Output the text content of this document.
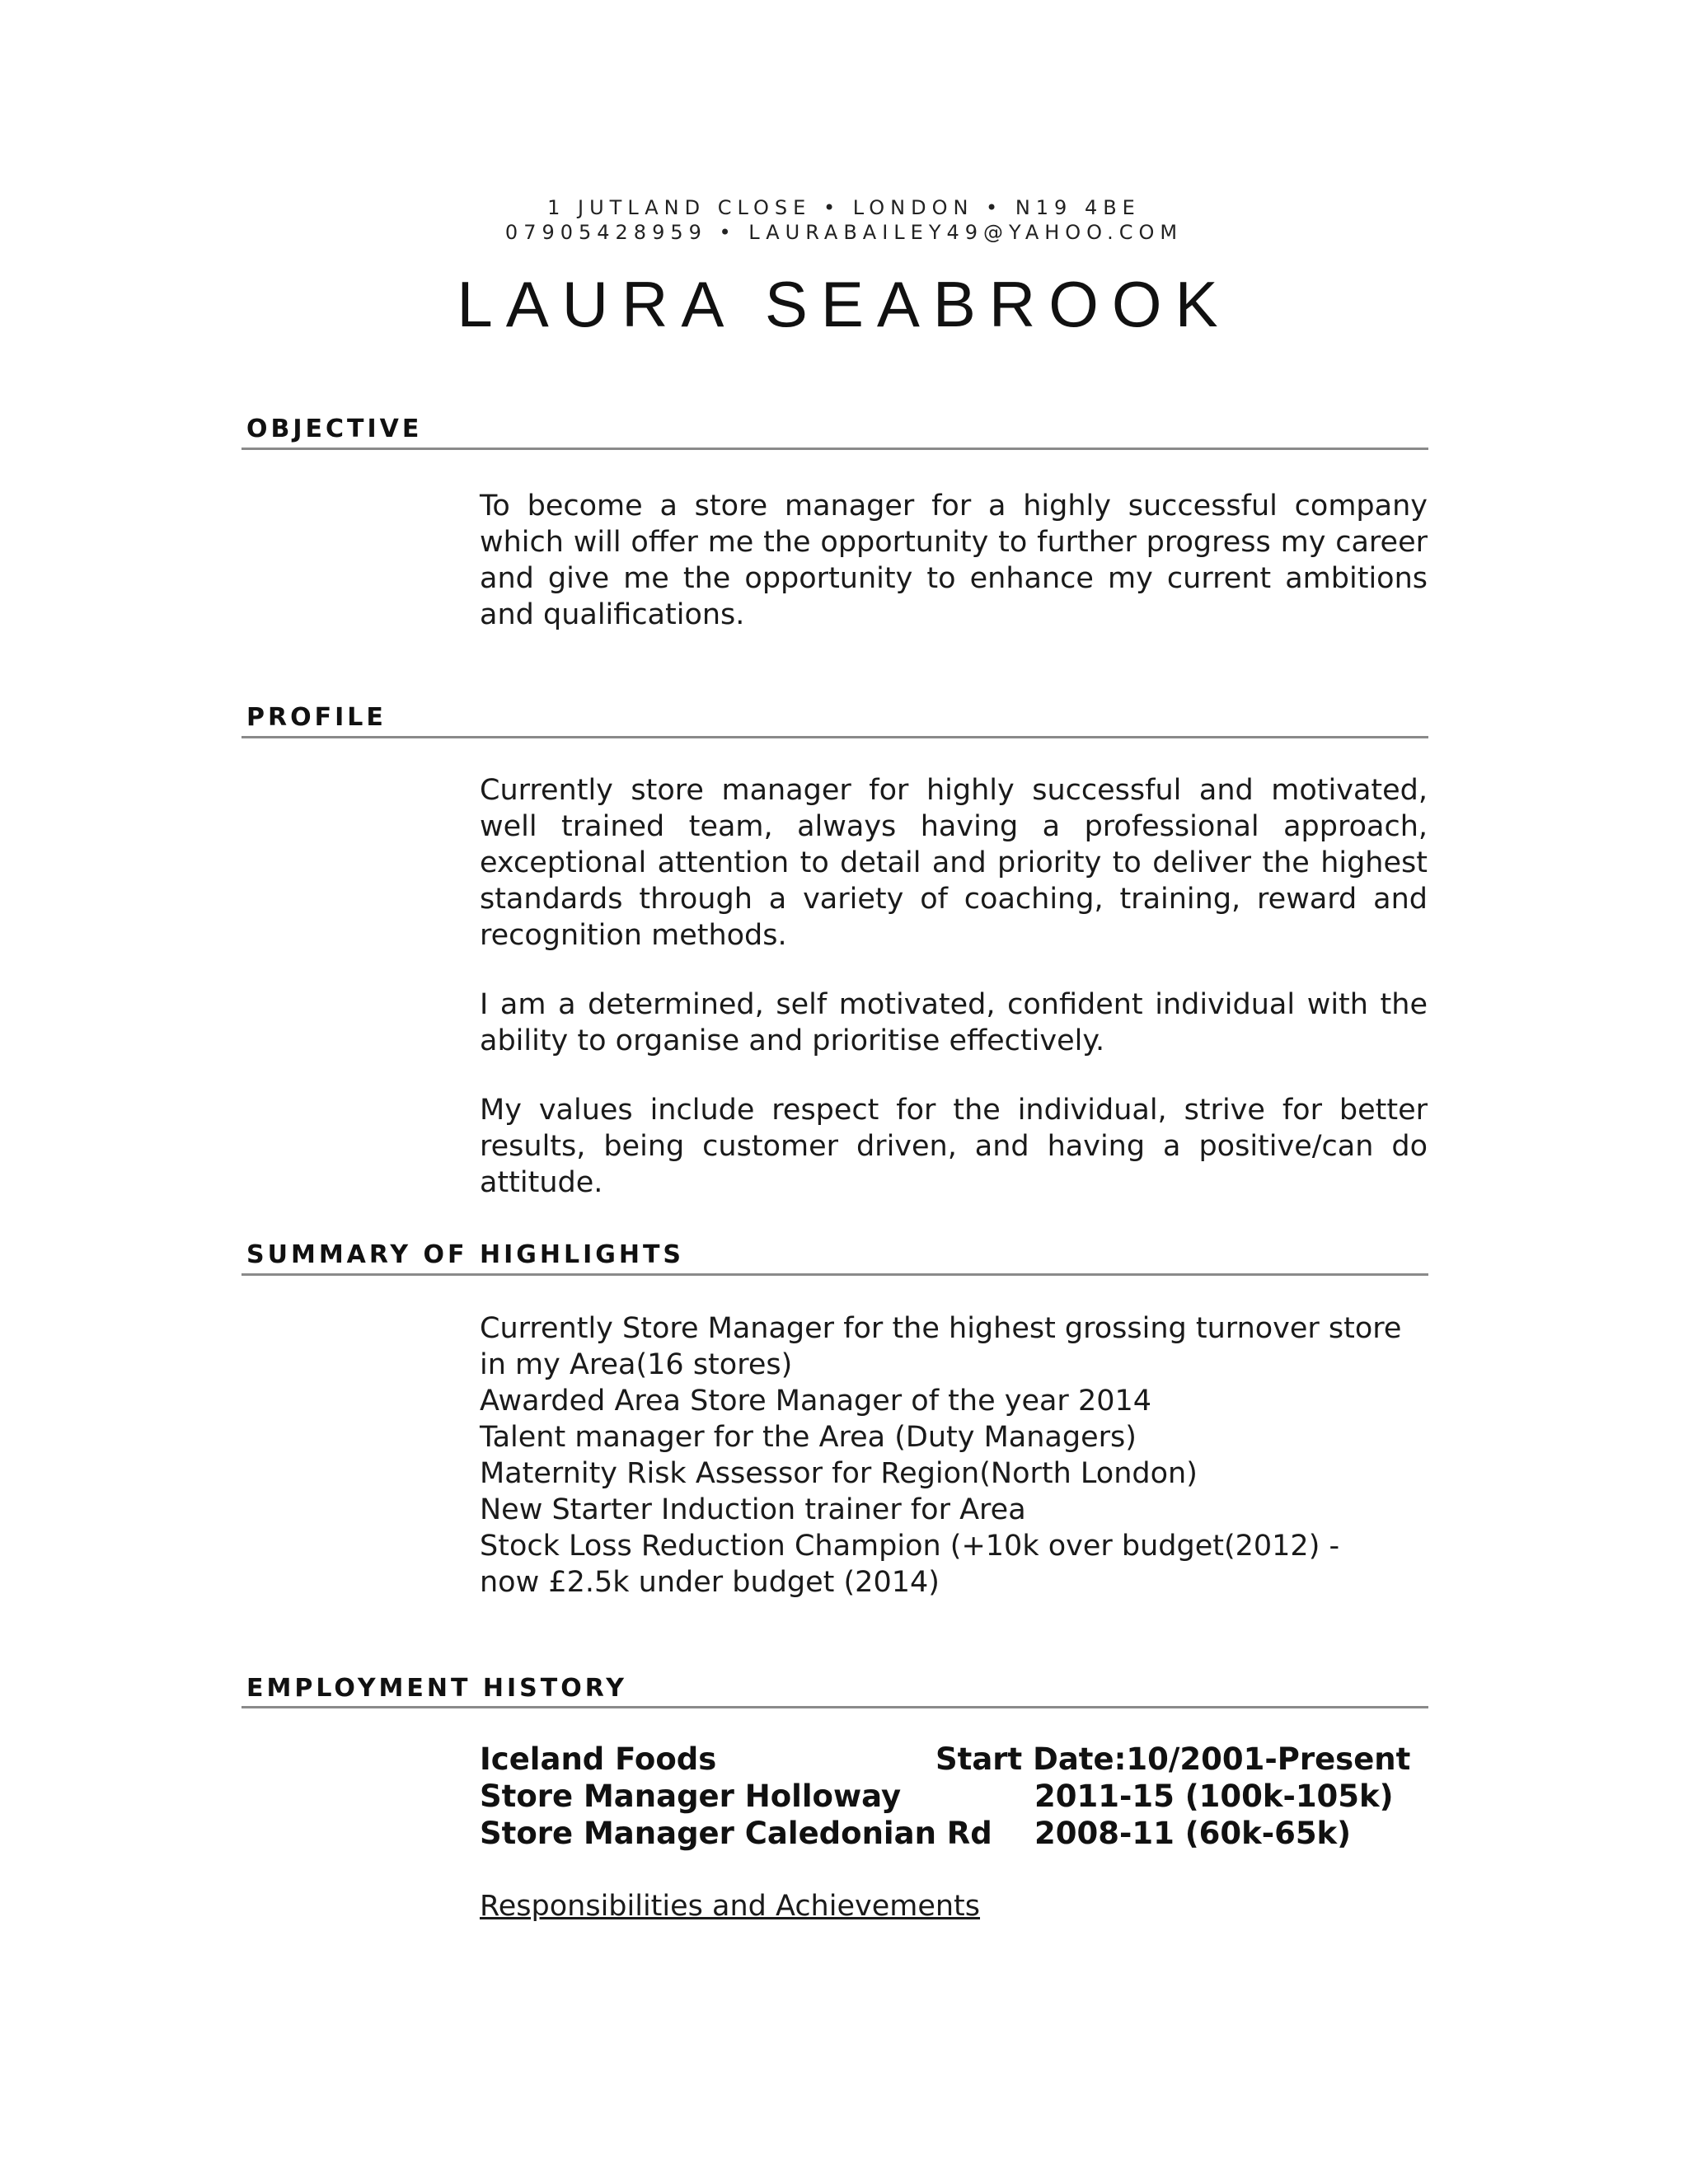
1 JUTLAND CLOSE • LONDON • N19 4BE
07905428959 • LAURABAILEY49@YAHOO.COM
LAURA SEABROOK
OBJECTIVE

To become a store manager for a highly successful company which will offer me the opportunity to further progress my career and give me the opportunity to enhance my current ambitions and qualifications.

PROFILE

Currently store manager for highly successful and motivated, well trained team, always having a professional approach, exceptional attention to detail and priority to deliver the highest standards through a variety of coaching, training, reward and recognition methods.

I am a determined, self motivated, confident individual with the ability to organise and prioritise effectively.

My values include respect for the individual, strive for better results, being customer driven, and having a positive/can do attitude.

SUMMARY OF HIGHLIGHTS
Currently Store Manager for the highest grossing turnover store
in my Area(16 stores)
Awarded Area Store Manager of the year 2014
Talent manager for the Area (Duty Managers)
Maternity Risk Assessor for Region(North London)
New Starter Induction trainer for Area
Stock Loss Reduction Champion (+10k over budget(2012) -
now £2.5k under budget (2014)
EMPLOYMENT HISTORY
Iceland Foods	Start Date:10/2001-Present
Store Manager Holloway	2011-15 (100k-105k)
Store Manager Caledonian Rd 2008-11 (60k-65k)
Responsibilities and Achievements
